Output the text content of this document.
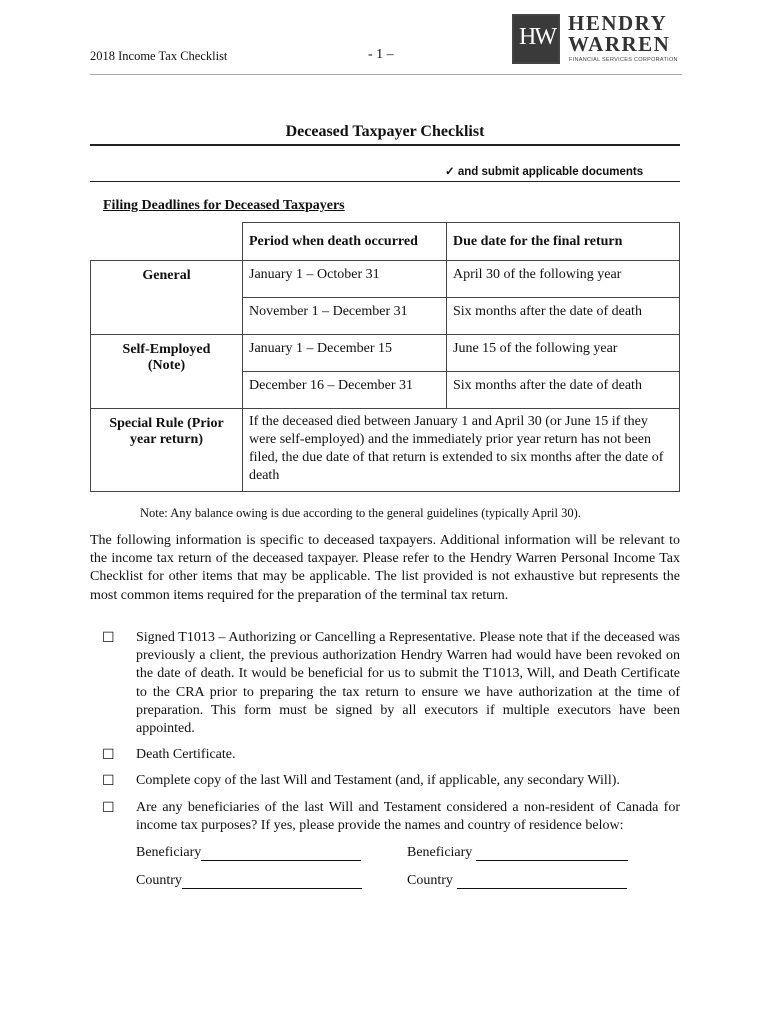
2018 Income Tax Checklist	- 1 –
HW
HENDRY
WARREN
FINANCIAL SERVICES CORPORATION
Deceased Taxpayer Checklist
✓ and submit applicable documents
Filing Deadlines for Deceased Taxpayers
	Period when death occurred	Due date for the final return
General	January 1 – October 31	April 30 of the following year
	November 1 – December 31	Six months after the date of death

Self-Employed
(Note)	January 1 – December 15	June 15 of the following year
	December 16 – December 31	Six months after the date of death

Special Rule (Prior
year return)	If the deceased died between January 1 and April 30 (or June 15 if they were self-employed) and the immediately prior year return has not been filed, the due date of that return is extended to six months after the date of death	
Note: Any balance owing is due according to the general guidelines (typically April 30).
The following information is specific to deceased taxpayers. Additional information will be relevant to the income tax return of the deceased taxpayer. Please refer to the Hendry Warren Personal Income Tax Checklist for other items that may be applicable. The list provided is not exhaustive but represents the most common items required for the preparation of the terminal tax return.
☐ Signed T1013 – Authorizing or Cancelling a Representative. Please note that if the deceased was previously a client, the previous authorization Hendry Warren had would have been revoked on the date of death. It would be beneficial for us to submit the T1013, Will, and Death Certificate to the CRA prior to preparing the tax return to ensure we have authorization at the time of preparation. This form must be signed by all executors if multiple executors have been appointed.
☐ Death Certificate.
☐ Complete copy of the last Will and Testament (and, if applicable, any secondary Will).
☐ Are any beneficiaries of the last Will and Testament considered a non-resident of Canada for income tax purposes? If yes, please provide the names and country of residence below:
Beneficiary	Beneficiary
Country	Country
